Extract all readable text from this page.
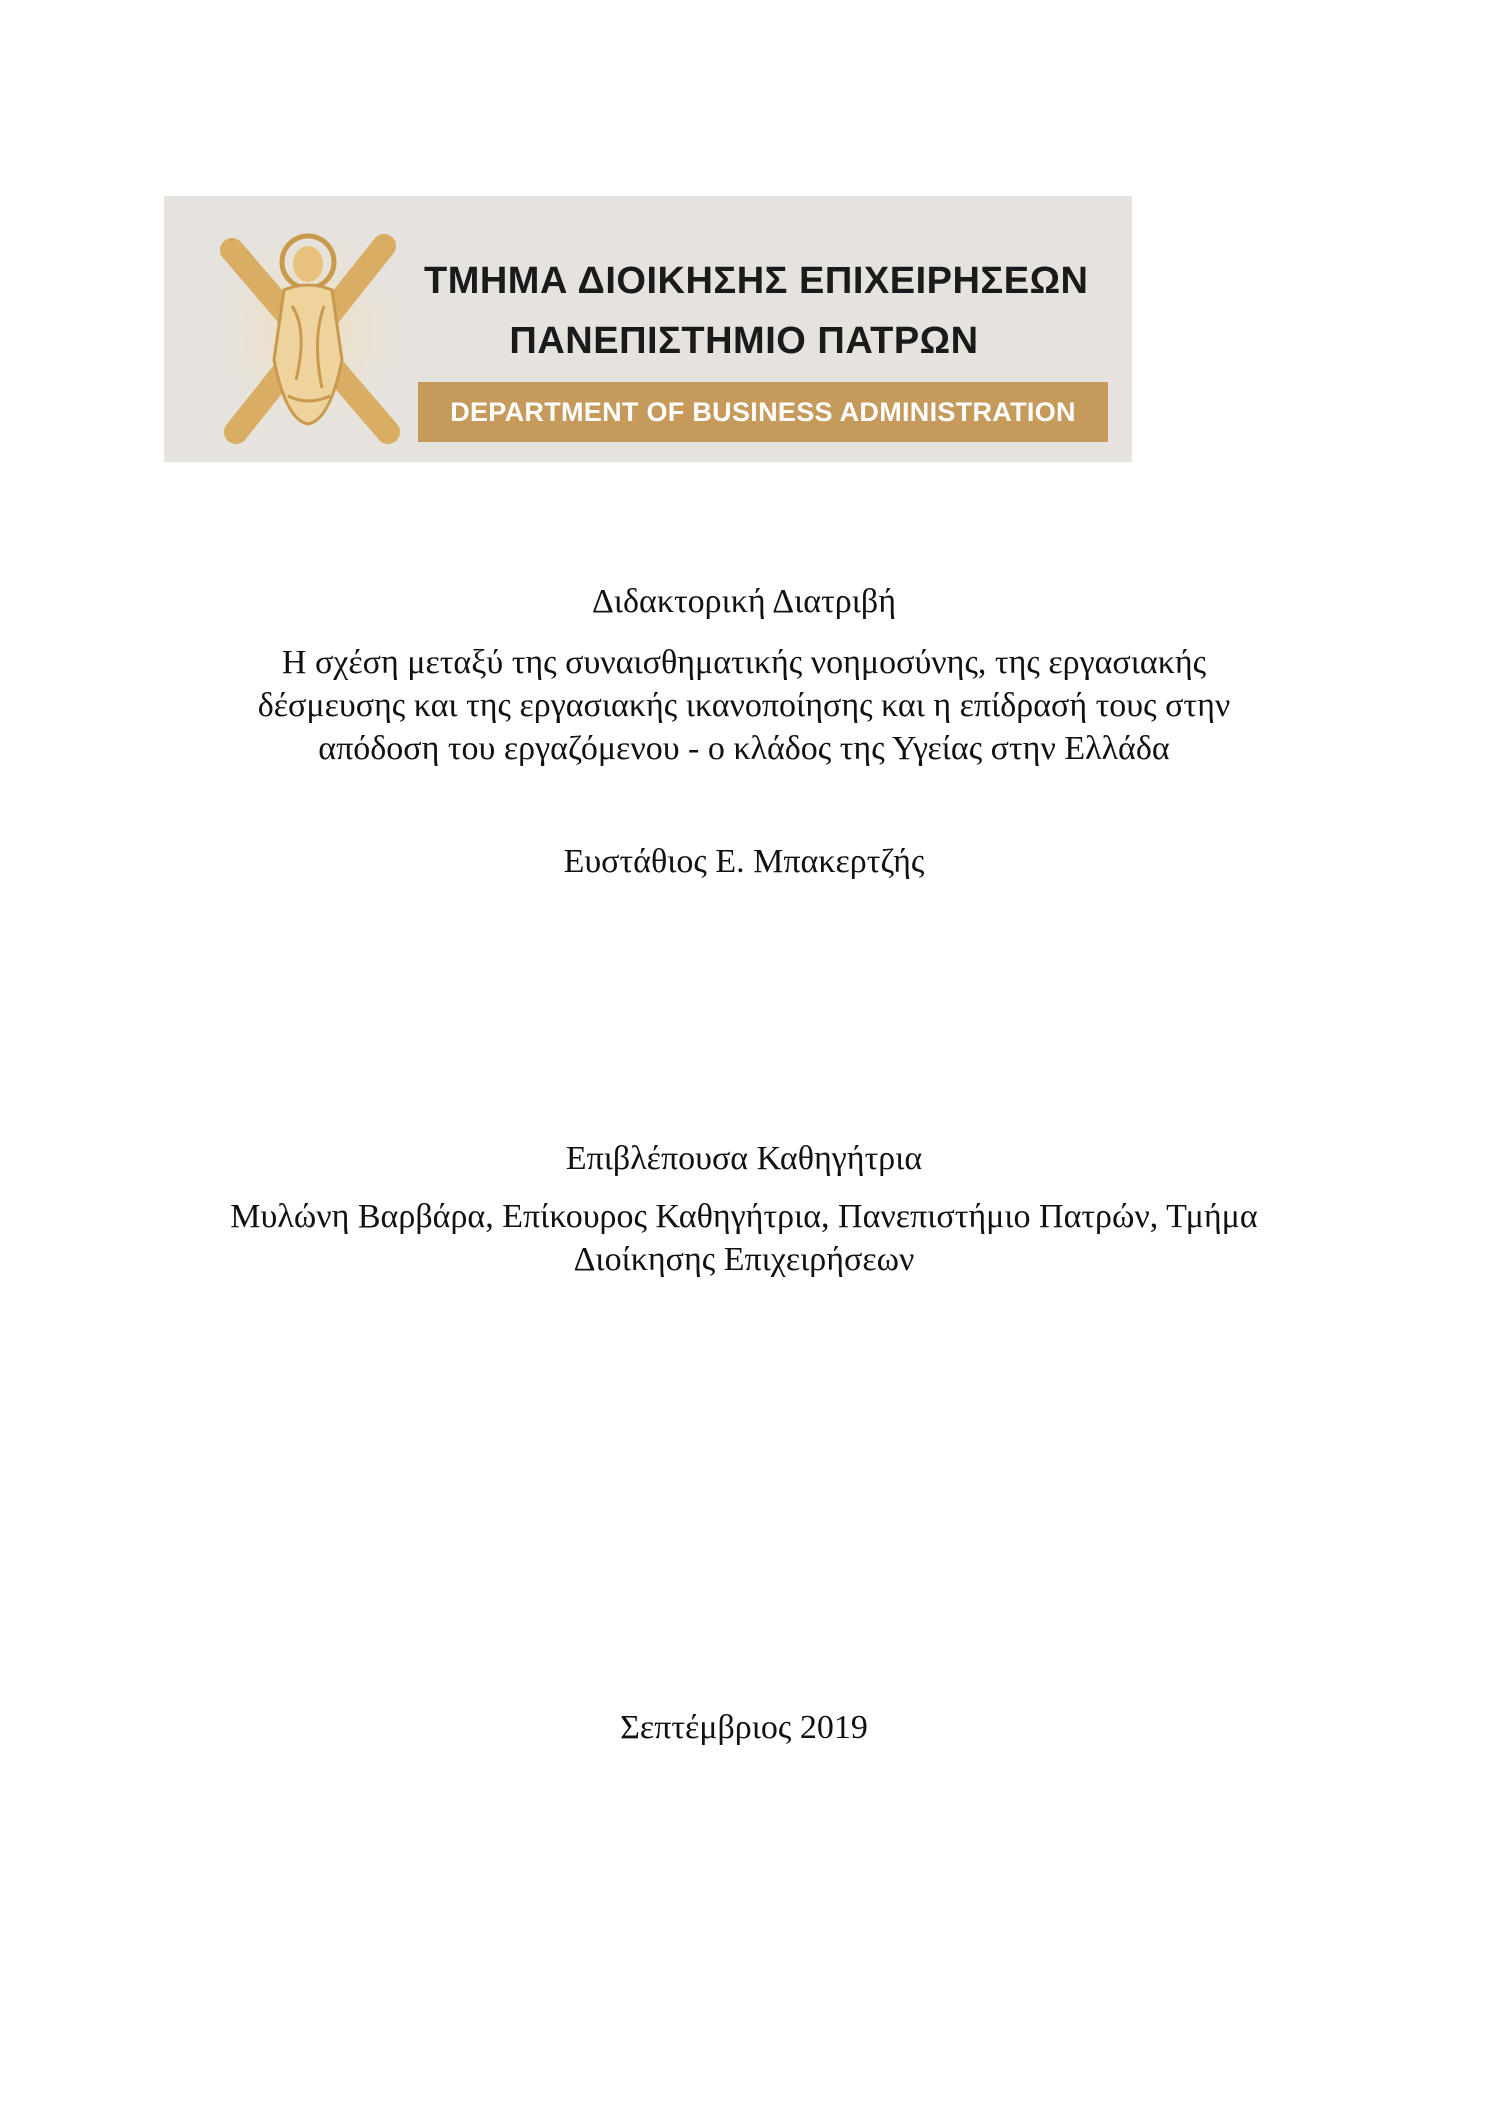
ΤΜΗΜΑ ΔΙΟΙΚΗΣΗΣ ΕΠΙΧΕΙΡΗΣΕΩΝ
ΠΑΝΕΠΙΣΤΗΜΙΟ ΠΑΤΡΩΝ
DEPARTMENT OF BUSINESS ADMINISTRATION
Διδακτορική Διατριβή
Η σχέση μεταξύ της συναισθηματικής νοημοσύνης, της εργασιακής
δέσμευσης και της εργασιακής ικανοποίησης και η επίδρασή τους στην
απόδοση του εργαζόμενου - ο κλάδος της Υγείας στην Ελλάδα
Ευστάθιος Ε. Μπακερτζής
Επιβλέπουσα Καθηγήτρια
Μυλώνη Βαρβάρα, Επίκουρος Καθηγήτρια, Πανεπιστήμιο Πατρών, Τμήμα
Διοίκησης Επιχειρήσεων
Σεπτέμβριος 2019
